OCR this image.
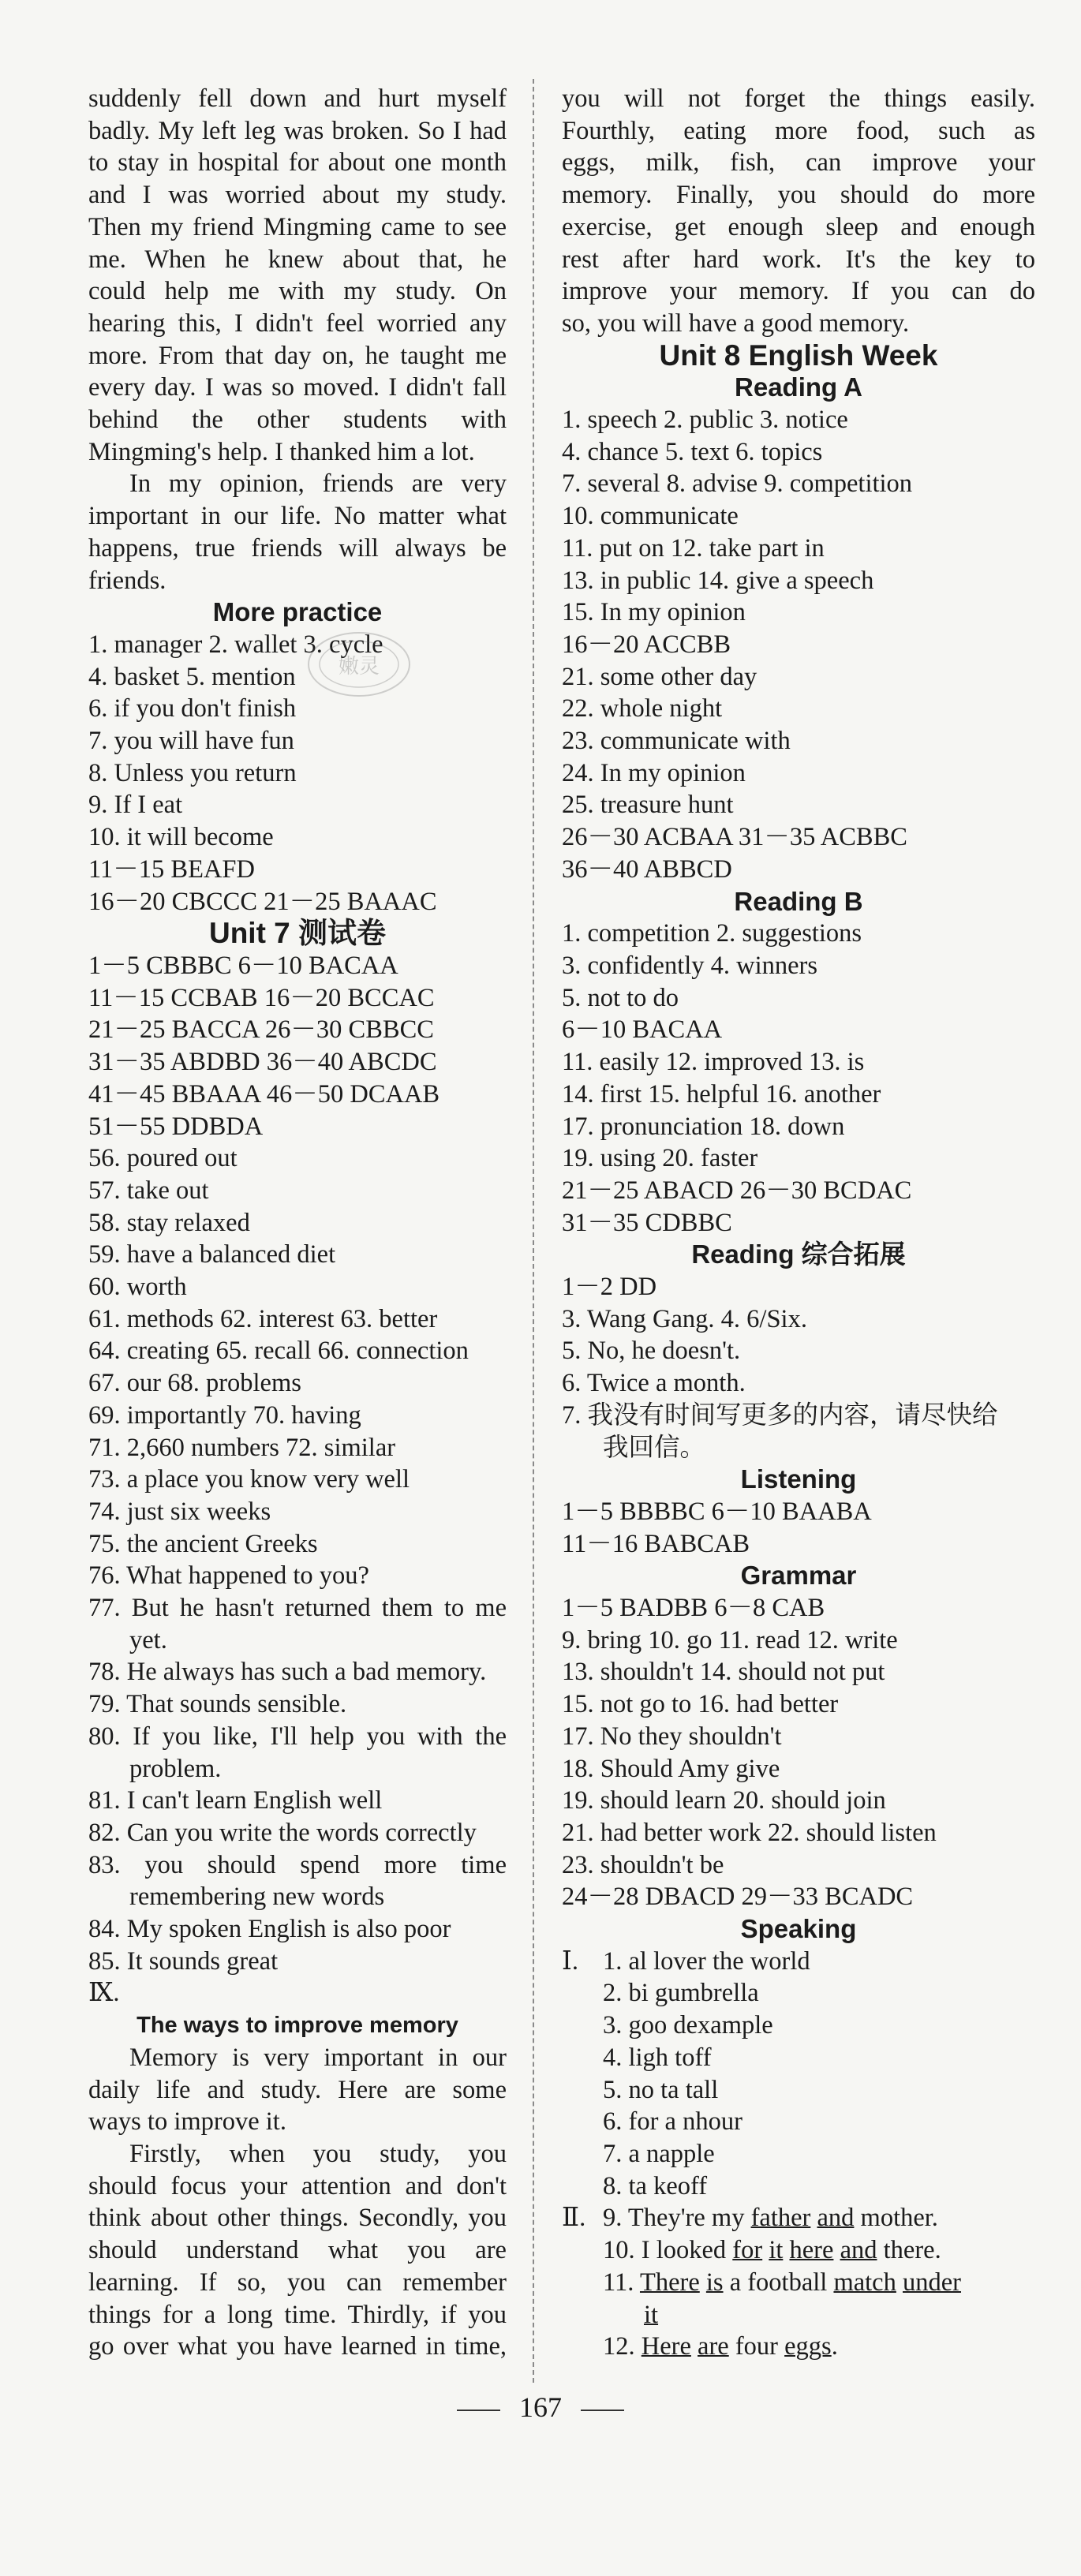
suddenly fell down and hurt myself
badly. My left leg was broken. So I had
to stay in hospital for about one month
and I was worried about my study.
Then my friend Mingming came to see
me. When he knew about that, he
could help me with my study. On
hearing this, I didn't feel worried any
more. From that day on, he taught me
every day. I was so moved. I didn't fall
behind the other students with
Mingming's help. I thanked him a lot.
In my opinion, friends are very
important in our life. No matter what
happens, true friends will always be
friends.
More practice
1. manager 2. wallet 3. cycle
4. basket 5. mention
6. if you don't finish
7. you will have fun
8. Unless you return
9. If I eat
10. it will become
11－15 BEAFD
16－20 CBCCC 21－25 BAAAC
Unit 7 测试卷
1－5 CBBBC 6－10 BACAA
11－15 CCBAB 16－20 BCCAC
21－25 BACCA 26－30 CBBCC
31－35 ABDBD 36－40 ABCDC
41－45 BBAAA 46－50 DCAAB
51－55 DDBDA
56. poured out
57. take out
58. stay relaxed
59. have a balanced diet
60. worth
61. methods 62. interest 63. better
64. creating 65. recall 66. connection
67. our 68. problems
69. importantly 70. having
71. 2,660 numbers 72. similar
73. a place you know very well
74. just six weeks
75. the ancient Greeks
76. What happened to you?
77. But he hasn't returned them to me
yet.
78. He always has such a bad memory.
79. That sounds sensible.
80. If you like, I'll help you with the
problem.
81. I can't learn English well
82. Can you write the words correctly
83. you should spend more time
remembering new words
84. My spoken English is also poor
85. It sounds great
Ⅸ.
The ways to improve memory
Memory is very important in our
daily life and study. Here are some
ways to improve it.
Firstly, when you study, you
should focus your attention and don't
think about other things. Secondly, you
should understand what you are
learning. If so, you can remember
things for a long time. Thirdly, if you
go over what you have learned in time,
嫩灵
you will not forget the things easily.
Fourthly, eating more food, such as
eggs, milk, fish, can improve your
memory. Finally, you should do more
exercise, get enough sleep and enough
rest after hard work. It's the key to
improve your memory. If you can do
so, you will have a good memory.
Unit 8 English Week
Reading A
1. speech 2. public 3. notice
4. chance 5. text 6. topics
7. several 8. advise 9. competition
10. communicate
11. put on 12. take part in
13. in public 14. give a speech
15. In my opinion
16－20 ACCBB
21. some other day
22. whole night
23. communicate with
24. In my opinion
25. treasure hunt
26－30 ACBAA 31－35 ACBBC
36－40 ABBCD
Reading B
1. competition 2. suggestions
3. confidently 4. winners
5. not to do
6－10 BACAA
11. easily 12. improved 13. is
14. first 15. helpful 16. another
17. pronunciation 18. down
19. using 20. faster
21－25 ABACD 26－30 BCDAC
31－35 CDBBC
Reading 综合拓展
1－2 DD
3. Wang Gang. 4. 6/Six.
5. No, he doesn't.
6. Twice a month.
7. 我没有时间写更多的内容，请尽快给
我回信。
Listening
1－5 BBBBC 6－10 BAABA
11－16 BABCAB
Grammar
1－5 BADBB 6－8 CAB
9. bring 10. go 11. read 12. write
13. shouldn't 14. should not put
15. not go to 16. had better
17. No they shouldn't
18. Should Amy give
19. should learn 20. should join
21. had better work 22. should listen
23. shouldn't be
24－28 DBACD 29－33 BCADC
Speaking
Ⅰ. 1. al lover the world
2. bi gumbrella
3. goo dexample
4. ligh toff
5. no ta tall
6. for a nhour
7. a napple
8. ta keoff
Ⅱ. 9. They're my father and mother.
10. I looked for it here and there.
11. There is a football match under
it
12. Here are four eggs.
167
